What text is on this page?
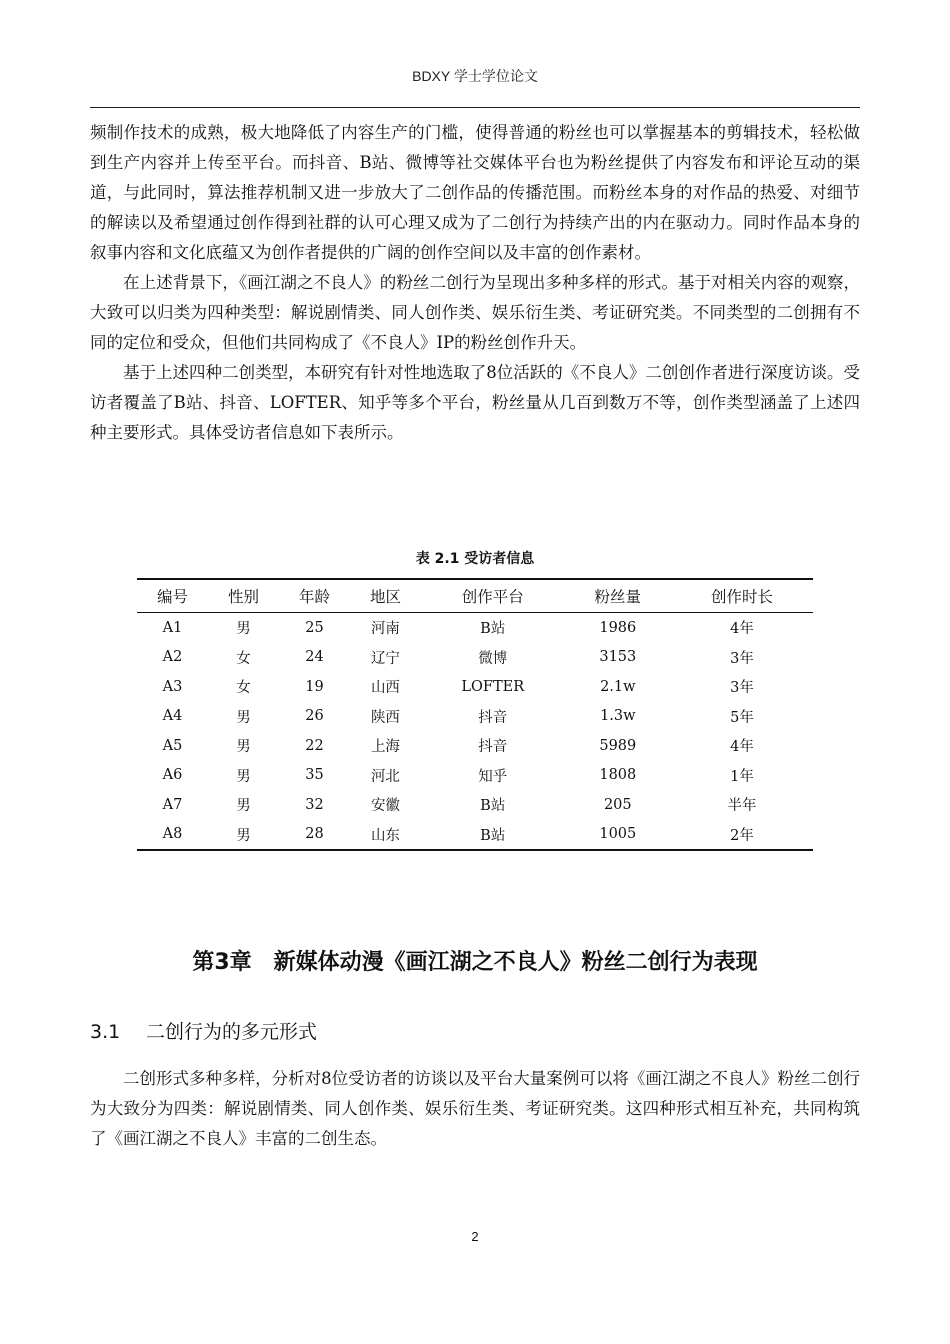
BDXY 学士学位论文

频制作技术的成熟，极大地降低了内容生产的门槛，使得普通的粉丝也可以掌握基本的剪辑技术，轻松做到生产内容并上传至平台。而抖音、B站、微博等社交媒体平台也为粉丝提供了内容发布和评论互动的渠道，与此同时，算法推荐机制又进一步放大了二创作品的传播范围。而粉丝本身的对作品的热爱、对细节的解读以及希望通过创作得到社群的认可心理又成为了二创行为持续产出的内在驱动力。同时作品本身的叙事内容和文化底蕴又为创作者提供的广阔的创作空间以及丰富的创作素材。

在上述背景下，《画江湖之不良人》的粉丝二创行为呈现出多种多样的形式。基于对相关内容的观察，大致可以归类为四种类型：解说剧情类、同人创作类、娱乐衍生类、考证研究类。不同类型的二创拥有不同的定位和受众，但他们共同构成了《不良人》IP的粉丝创作升天。

基于上述四种二创类型，本研究有针对性地选取了8位活跃的《不良人》二创创作者进行深度访谈。受访者覆盖了B站、抖音、LOFTER、知乎等多个平台，粉丝量从几百到数万不等，创作类型涵盖了上述四种主要形式。具体受访者信息如下表所示。

表 2.1 受访者信息
编号	性别	年龄	地区	创作平台	粉丝量	创作时长
A1	男	25	河南	B站	1986	4年
A2	女	24	辽宁	微博	3153	3年
A3	女	19	山西	LOFTER	2.1w	3年
A4	男	26	陕西	抖音	1.3w	5年
A5	男	22	上海	抖音	5989	4年
A6	男	35	河北	知乎	1808	1年
A7	男	32	安徽	B站	205	半年
A8	男	28	山东	B站	1005	2年
第3章　新媒体动漫《画江湖之不良人》粉丝二创行为表现
3.1 二创行为的多元形式

二创形式多种多样，分析对8位受访者的访谈以及平台大量案例可以将《画江湖之不良人》粉丝二创行为大致分为四类：解说剧情类、同人创作类、娱乐衍生类、考证研究类。这四种形式相互补充，共同构筑了《画江湖之不良人》丰富的二创生态。

2
